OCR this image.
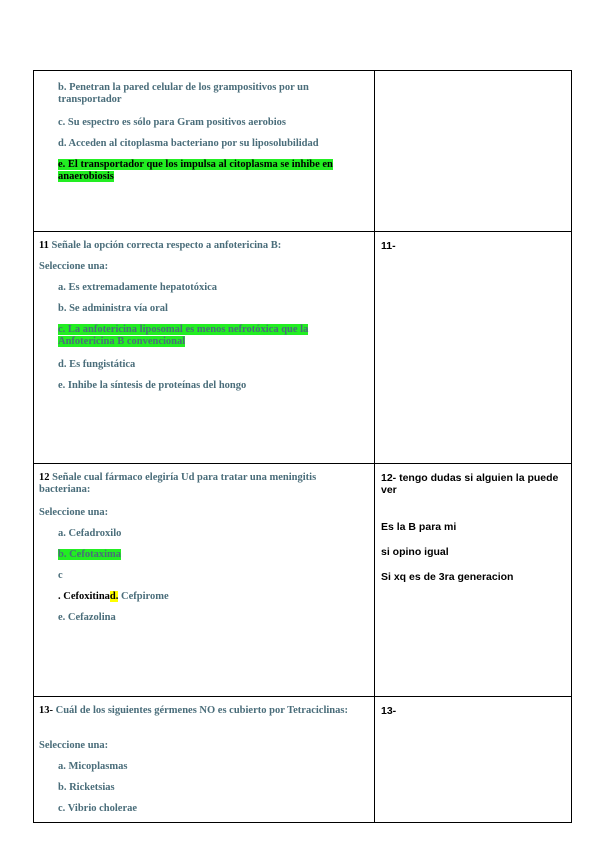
b. Penetran la pared celular de los grampositivos por un transportador
c. Su espectro es sólo para Gram positivos aerobios
d. Acceden al citoplasma bacteriano por su liposolubilidad
e. El transportador que los impulsa al citoplasma se inhibe en anaerobiosis
11 Señale la opción correcta respecto a anfotericina B:
Seleccione una:
a. Es extremadamente hepatotóxica
b. Se administra vía oral
c. La anfotericina liposomal es menos nefrotóxica que la Anfotericina B convencional
d. Es fungistática
e. Inhibe la síntesis de proteínas del hongo
11-
12 Señale cual fármaco elegiría Ud para tratar una meningitis bacteriana:
Seleccione una:
a. Cefadroxilo
b. Cefotaxima
c
. Cefoxitinad. Cefpirome
e. Cefazolina
12- tengo dudas si alguien la puede ver
Es la B para mi
si opino igual
Si xq es de 3ra generacion
13- Cuál de los siguientes gérmenes NO es cubierto por Tetraciclinas:
Seleccione una:
a. Micoplasmas
b. Ricketsias
c. Vibrio cholerae
13-
